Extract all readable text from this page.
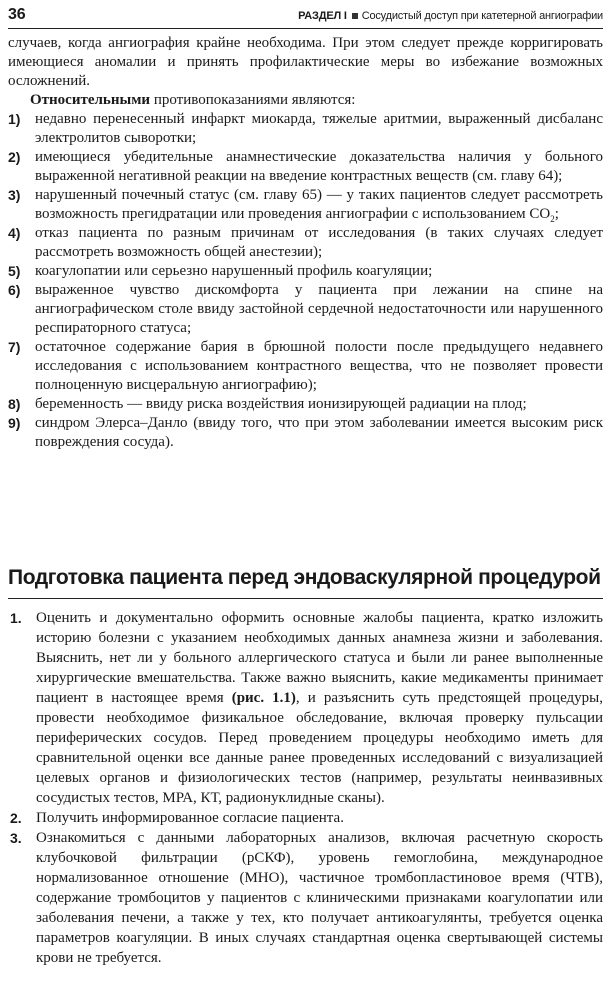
36	РАЗДЕЛ I Сосудистый доступ при катетерной ангиографии

случаев, когда ангиография крайне необходима. При этом следует прежде корригировать имеющиеся аномалии и принять профилактические меры во избежание возможных осложнений.

Относительными противопоказаниями являются:

1) недавно перенесенный инфаркт миокарда, тяжелые аритмии, выраженный дисбаланс электролитов сыворотки;
2) имеющиеся убедительные анамнестические доказательства наличия у больного выраженной негативной реакции на введение контрастных веществ (см. главу 64);
3) нарушенный почечный статус (см. главу 65) — у таких пациентов следует рассмотреть возможность прегидратации или проведения ангиографии с использованием $CO_2$;
4) отказ пациента по разным причинам от исследования (в таких случаях следует рассмотреть возможность общей анестезии);
5) коагулопатии или серьезно нарушенный профиль коагуляции;
6) выраженное чувство дискомфорта у пациента при лежании на спине на ангиографическом столе ввиду застойной сердечной недостаточности или нарушенного респираторного статуса;
7) остаточное содержание бария в брюшной полости после предыдущего недавнего исследования с использованием контрастного вещества, что не позволяет провести полноценную висцеральную ангиографию);
8) беременность — ввиду риска воздействия ионизирующей радиации на плод;
9) синдром Элерса–Данло (ввиду того, что при этом заболевании имеется высоким риск повреждения сосуда).
Подготовка пациента перед эндоваскулярной процедурой
1. Оценить и документально оформить основные жалобы пациента, кратко изложить историю болезни с указанием необходимых данных анамнеза жизни и заболевания. Выяснить, нет ли у больного аллергического статуса и были ли ранее выполненные хирургические вмешательства. Также важно выяснить, какие медикаменты принимает пациент в настоящее время (рис. 1.1), и разъяснить суть предстоящей процедуры, провести необходимое физикальное обследование, включая проверку пульсации периферических сосудов. Перед проведением процедуры необходимо иметь для сравнительной оценки все данные ранее проведенных исследований с визуализацией целевых органов и физиологических тестов (например, результаты неинвазивных сосудистых тестов, МРА, КТ, радионуклидные сканы).
2. Получить информированное согласие пациента.
3. Ознакомиться с данными лабораторных анализов, включая расчетную скорость клубочковой фильтрации (рСКФ), уровень гемоглобина, международное нормализованное отношение (МНО), частичное тромбопластиновое время (ЧТВ), содержание тромбоцитов у пациентов с клиническими признаками коагулопатии или заболевания печени, а также у тех, кто получает антикоагулянты, требуется оценка параметров коагуляции. В иных случаях стандартная оценка свертывающей системы крови не требуется.
